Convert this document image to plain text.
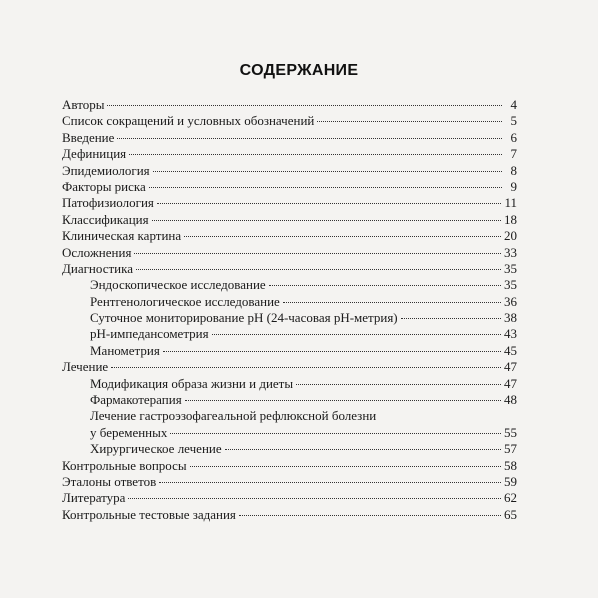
СОДЕРЖАНИЕ
Авторы	4
Список сокращений и условных обозначений	5
Введение	6
Дефиниция	7
Эпидемиология	8
Факторы риска	9
Патофизиология	11
Классификация	18
Клиническая картина	20
Осложнения	33
Диагностика	35
Эндоскопическое исследование	35
Рентгенологическое исследование	36
Суточное мониторирование pH (24-часовая pH-метрия)	38
pH-импедансометрия	43
Манометрия	45
Лечение	47
Модификация образа жизни и диеты	47
Фармакотерапия	48
Лечение гастроэзофагеальной рефлюксной болезни
у беременных	55
Хирургическое лечение	57
Контрольные вопросы	58
Эталоны ответов	59
Литература	62
Контрольные тестовые задания	65
